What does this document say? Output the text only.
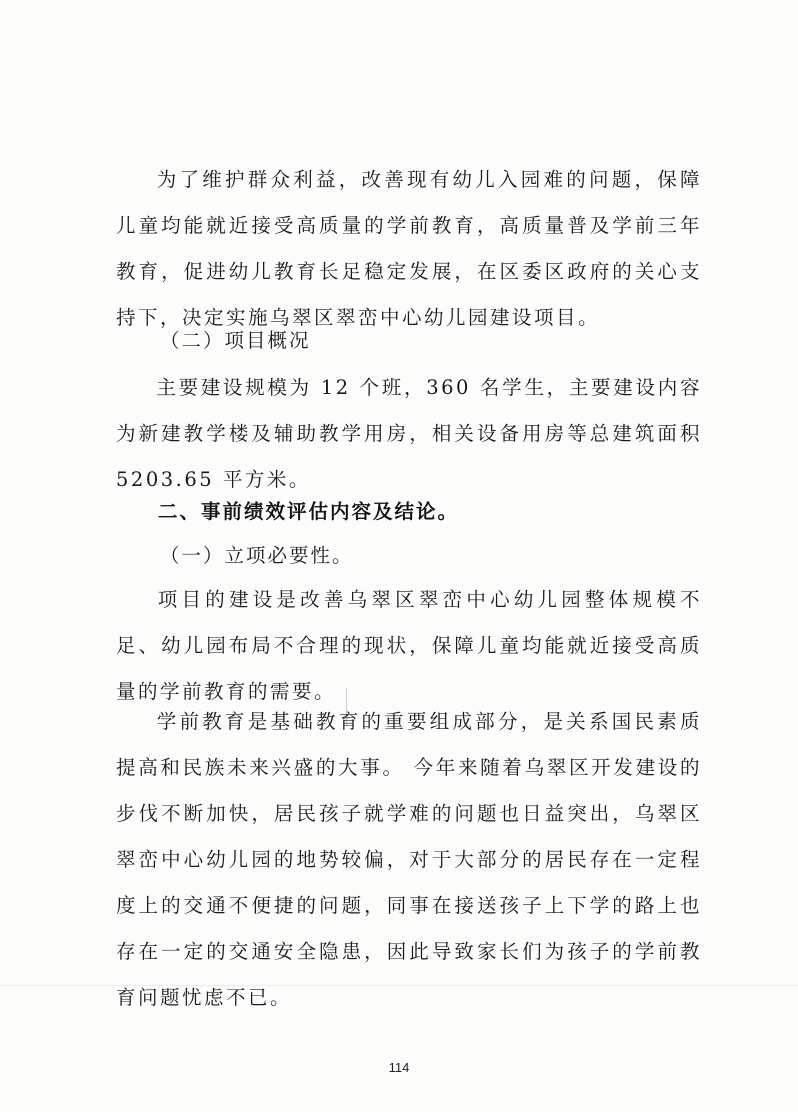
为了维护群众利益，改善现有幼儿入园难的问题，保障儿童均能就近接受高质量的学前教育，高质量普及学前三年教育，促进幼儿教育长足稳定发展，在区委区政府的关心支持下，决定实施乌翠区翠峦中心幼儿园建设项目。
（二）项目概况
主要建设规模为 12 个班，360 名学生，主要建设内容为新建教学楼及辅助教学用房，相关设备用房等总建筑面积 5203.65 平方米。
二、事前绩效评估内容及结论。
（一）立项必要性。
项目的建设是改善乌翠区翠峦中心幼儿园整体规模不足、幼儿园布局不合理的现状，保障儿童均能就近接受高质量的学前教育的需要。
学前教育是基础教育的重要组成部分，是关系国民素质提高和民族未来兴盛的大事。 今年来随着乌翠区开发建设的步伐不断加快，居民孩子就学难的问题也日益突出，乌翠区翠峦中心幼儿园的地势较偏，对于大部分的居民存在一定程度上的交通不便捷的问题，同事在接送孩子上下学的路上也存在一定的交通安全隐患，因此导致家长们为孩子的学前教育问题忧虑不已。
114
